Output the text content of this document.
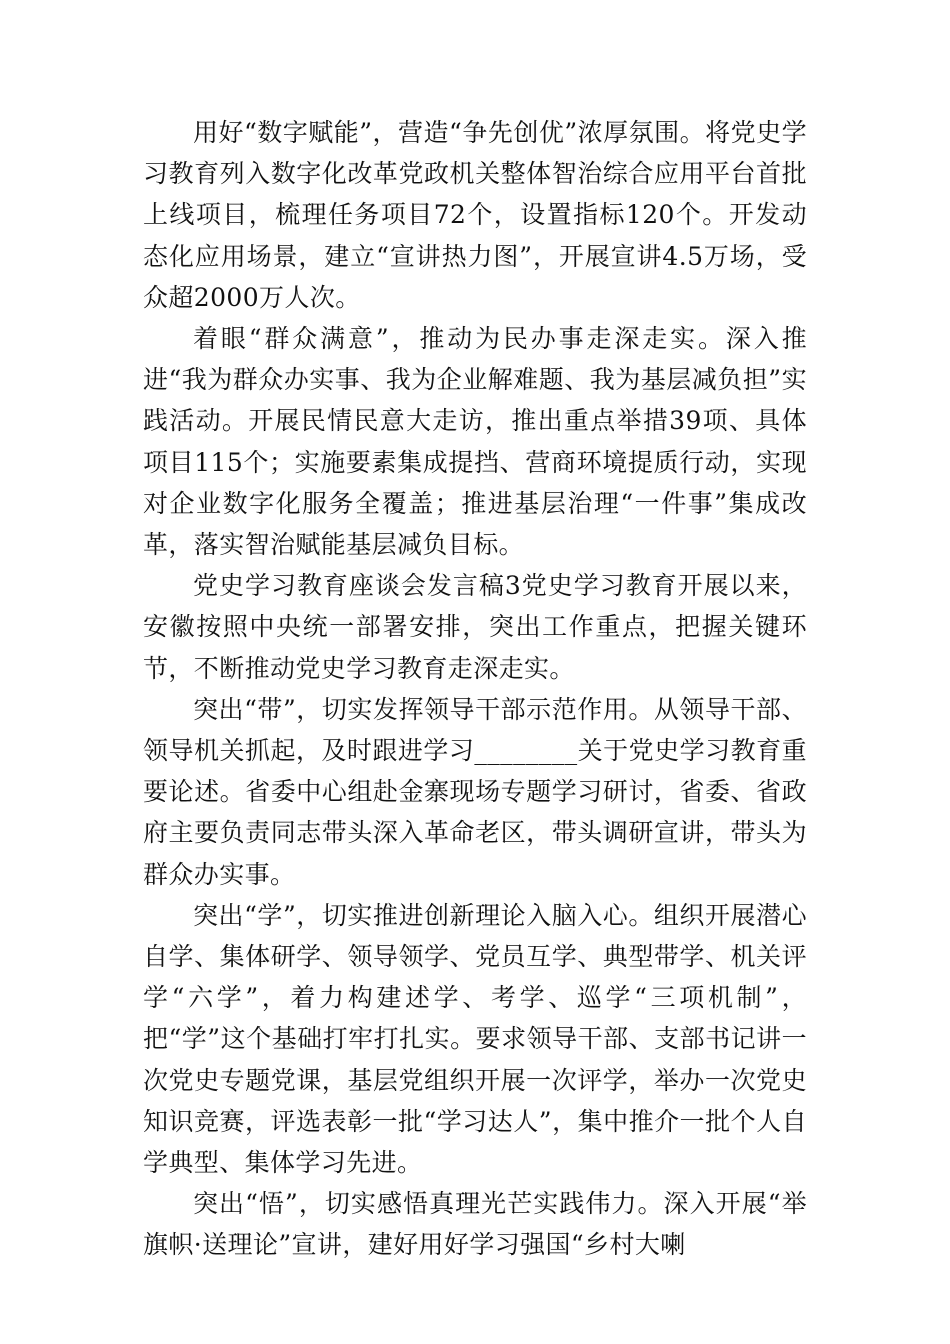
用好“数字赋能”，营造“争先创优”浓厚氛围。将党史学习教育列入数字化改革党政机关整体智治综合应用平台首批上线项目，梳理任务项目72个，设置指标120个。开发动态化应用场景，建立“宣讲热力图”，开展宣讲4.5万场，受众超2000万人次。

着眼“群众满意”，推动为民办事走深走实。深入推进“我为群众办实事、我为企业解难题、我为基层减负担”实践活动。开展民情民意大走访，推出重点举措39项、具体项目115个；实施要素集成提挡、营商环境提质行动，实现对企业数字化服务全覆盖；推进基层治理“一件事”集成改革，落实智治赋能基层减负目标。

党史学习教育座谈会发言稿3党史学习教育开展以来，安徽按照中央统一部署安排，突出工作重点，把握关键环节，不断推动党史学习教育走深走实。

突出“带”，切实发挥领导干部示范作用。从领导干部、领导机关抓起，及时跟进学习________关于党史学习教育重要论述。省委中心组赴金寨现场专题学习研讨，省委、省政府主要负责同志带头深入革命老区，带头调研宣讲，带头为群众办实事。

突出“学”，切实推进创新理论入脑入心。组织开展潜心自学、集体研学、领导领学、党员互学、典型带学、机关评学“六学”，着力构建述学、考学、巡学“三项机制”，把“学”这个基础打牢打扎实。要求领导干部、支部书记讲一次党史专题党课，基层党组织开展一次评学，举办一次党史知识竞赛，评选表彰一批“学习达人”，集中推介一批个人自学典型、集体学习先进。

突出“悟”，切实感悟真理光芒实践伟力。深入开展“举旗帜·送理论”宣讲，建好用好学习强国“乡村大喇
